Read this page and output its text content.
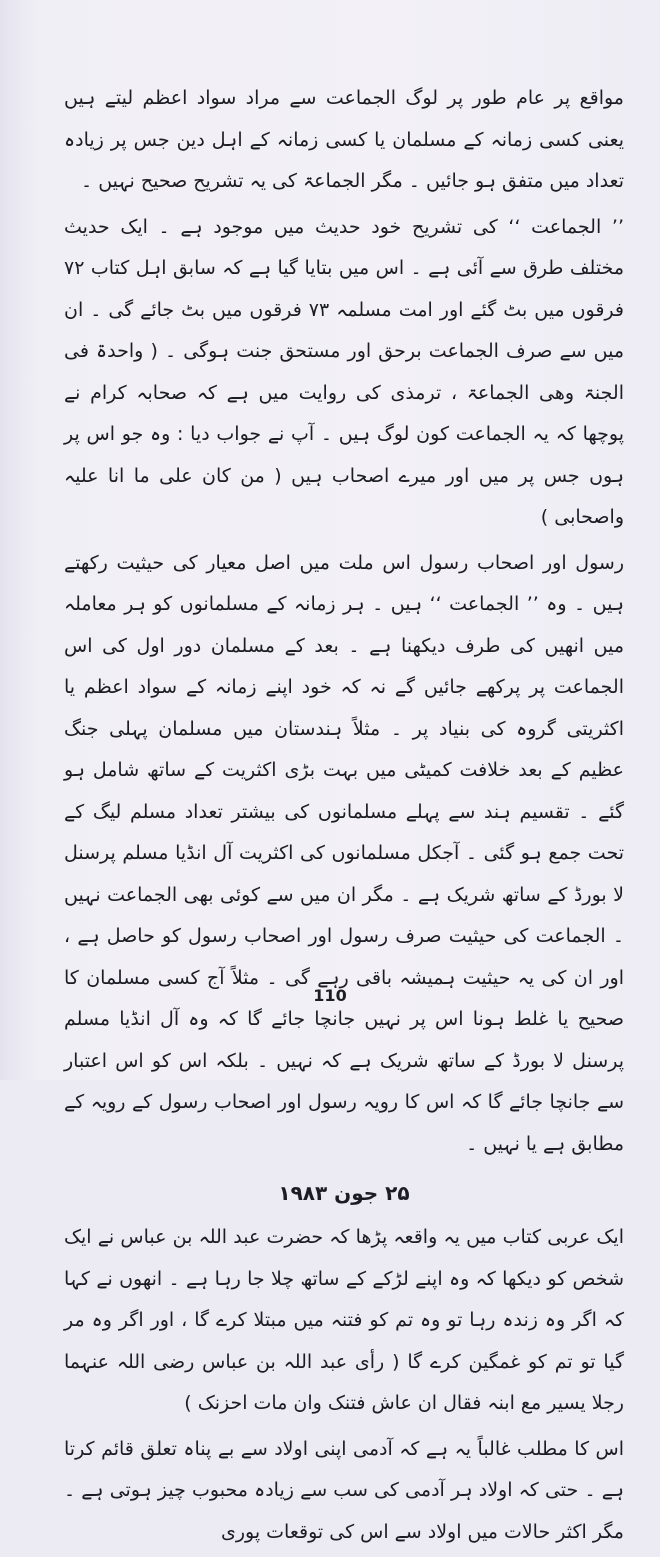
مواقع پر عام طور پر لوگ الجماعت سے مراد سواد اعظم لیتے ہیں یعنی کسی زمانہ کے مسلمان یا کسی زمانہ کے اہل دین جس پر زیادہ تعداد میں متفق ہو جائیں ۔ مگر الجماعۃ کی یہ تشریح صحیح نہیں ۔

’’ الجماعت ‘‘ کی تشریح خود حدیث میں موجود ہے ۔ ایک حدیث مختلف طرق سے آئی ہے ۔ اس میں بتایا گیا ہے کہ سابق اہل کتاب ۷۲ فرقوں میں بٹ گئے اور امت مسلمہ ۷۳ فرقوں میں بٹ جائے گی ۔ ان میں سے صرف الجماعت برحق اور مستحق جنت ہوگی ۔ ( واحدۃ فی الجنۃ وھی الجماعۃ ، ترمذی کی روایت میں ہے کہ صحابہ کرام نے پوچھا کہ یہ الجماعت کون لوگ ہیں ۔ آپ نے جواب دیا : وہ جو اس پر ہوں جس پر میں اور میرے اصحاب ہیں ( من کان علی ما انا علیہ واصحابی )

رسول اور اصحاب رسول اس ملت میں اصل معیار کی حیثیت رکھتے ہیں ۔ وہ ’’ الجماعت ‘‘ ہیں ۔ ہر زمانہ کے مسلمانوں کو ہر معاملہ میں انھیں کی طرف دیکھنا ہے ۔ بعد کے مسلمان دور اول کی اس الجماعت پر پرکھے جائیں گے نہ کہ خود اپنے زمانہ کے سواد اعظم یا اکثریتی گروہ کی بنیاد پر ۔ مثلاً ہندستان میں مسلمان پہلی جنگ عظیم کے بعد خلافت کمیٹی میں بہت بڑی اکثریت کے ساتھ شامل ہو گئے ۔ تقسیم ہند سے پہلے مسلمانوں کی بیشتر تعداد مسلم لیگ کے تحت جمع ہو گئی ۔ آجکل مسلمانوں کی اکثریت آل انڈیا مسلم پرسنل لا بورڈ کے ساتھ شریک ہے ۔ مگر ان میں سے کوئی بھی الجماعت نہیں ۔ الجماعت کی حیثیت صرف رسول اور اصحاب رسول کو حاصل ہے ، اور ان کی یہ حیثیت ہمیشہ باقی رہے گی ۔ مثلاً آج کسی مسلمان کا صحیح یا غلط ہونا اس پر نہیں جانچا جائے گا کہ وہ آل انڈیا مسلم پرسنل لا بورڈ کے ساتھ شریک ہے کہ نہیں ۔ بلکہ اس کو اس اعتبار سے جانچا جائے گا کہ اس کا رویہ رسول اور اصحاب رسول کے رویہ کے مطابق ہے یا نہیں ۔

۲۵ جون ۱۹۸۳

ایک عربی کتاب میں یہ واقعہ پڑھا کہ حضرت عبد اللہ بن عباس نے ایک شخص کو دیکھا کہ وہ اپنے لڑکے کے ساتھ چلا جا رہا ہے ۔ انھوں نے کہا کہ اگر وہ زندہ رہا تو وہ تم کو فتنہ میں مبتلا کرے گا ، اور اگر وہ مر گیا تو تم کو غمگین کرے گا ( رأی عبد اللہ بن عباس رضی اللہ عنہما رجلا یسیر مع ابنہ فقال ان عاش فتنک وان مات احزنک )

اس کا مطلب غالباً یہ ہے کہ آدمی اپنی اولاد سے بے پناہ تعلق قائم کرتا ہے ۔ حتی کہ اولاد ہر آدمی کی سب سے زیادہ محبوب چیز ہوتی ہے ۔ مگر اکثر حالات میں اولاد سے اس کی توقعات پوری

110
